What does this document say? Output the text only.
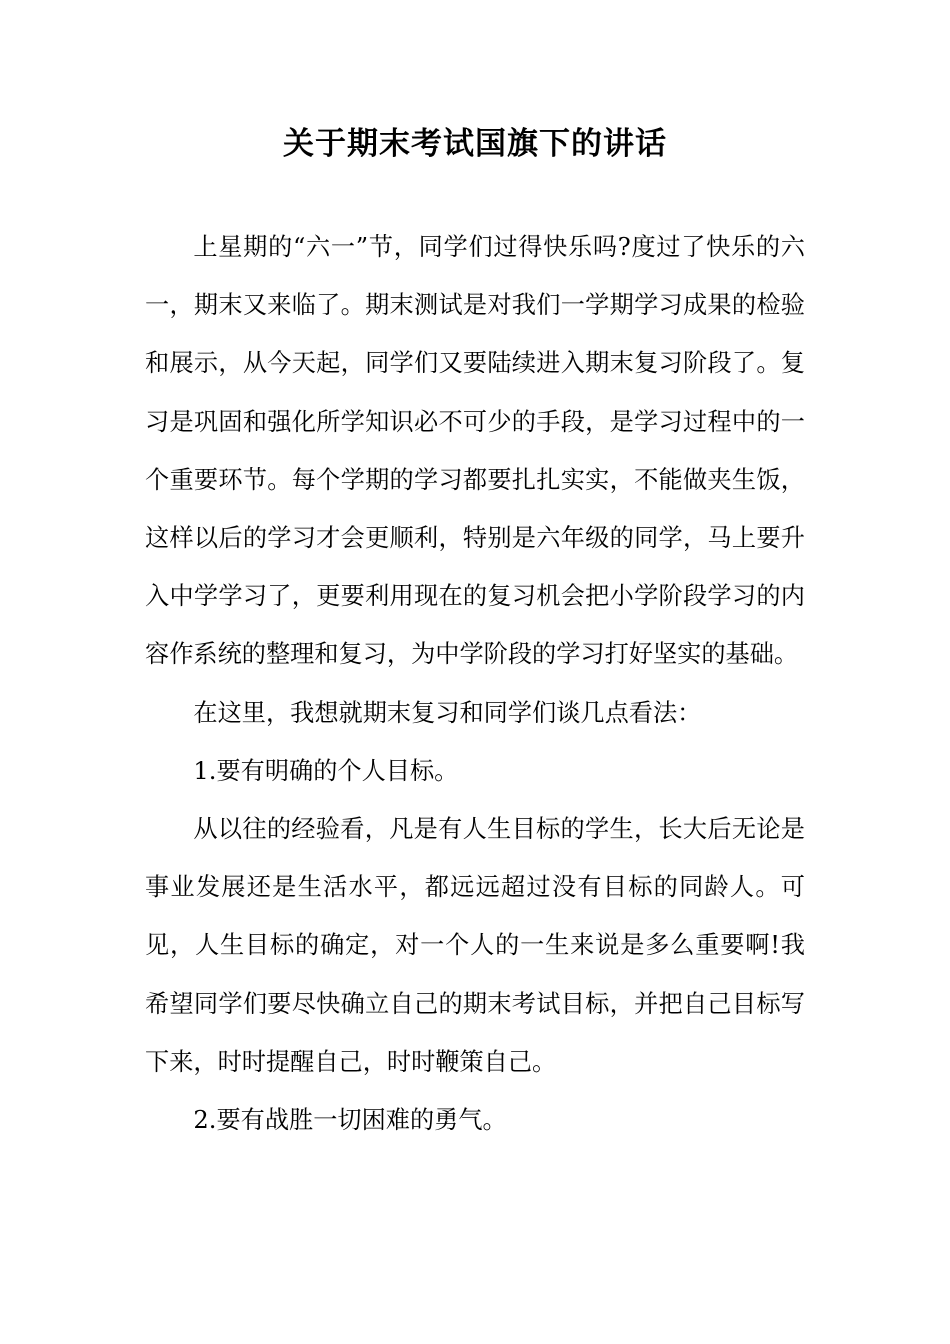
关于期末考试国旗下的讲话

上星期的“六一”节，同学们过得快乐吗?度过了快乐的六一，期末又来临了。期末测试是对我们一学期学习成果的检验和展示，从今天起，同学们又要陆续进入期末复习阶段了。复习是巩固和强化所学知识必不可少的手段，是学习过程中的一个重要环节。每个学期的学习都要扎扎实实，不能做夹生饭，这样以后的学习才会更顺利，特别是六年级的同学，马上要升入中学学习了，更要利用现在的复习机会把小学阶段学习的内容作系统的整理和复习，为中学阶段的学习打好坚实的基础。

在这里，我想就期末复习和同学们谈几点看法：

1.要有明确的个人目标。

从以往的经验看，凡是有人生目标的学生，长大后无论是事业发展还是生活水平，都远远超过没有目标的同龄人。可见，人生目标的确定，对一个人的一生来说是多么重要啊!我希望同学们要尽快确立自己的期末考试目标，并把自己目标写下来，时时提醒自己，时时鞭策自己。

2.要有战胜一切困难的勇气。
